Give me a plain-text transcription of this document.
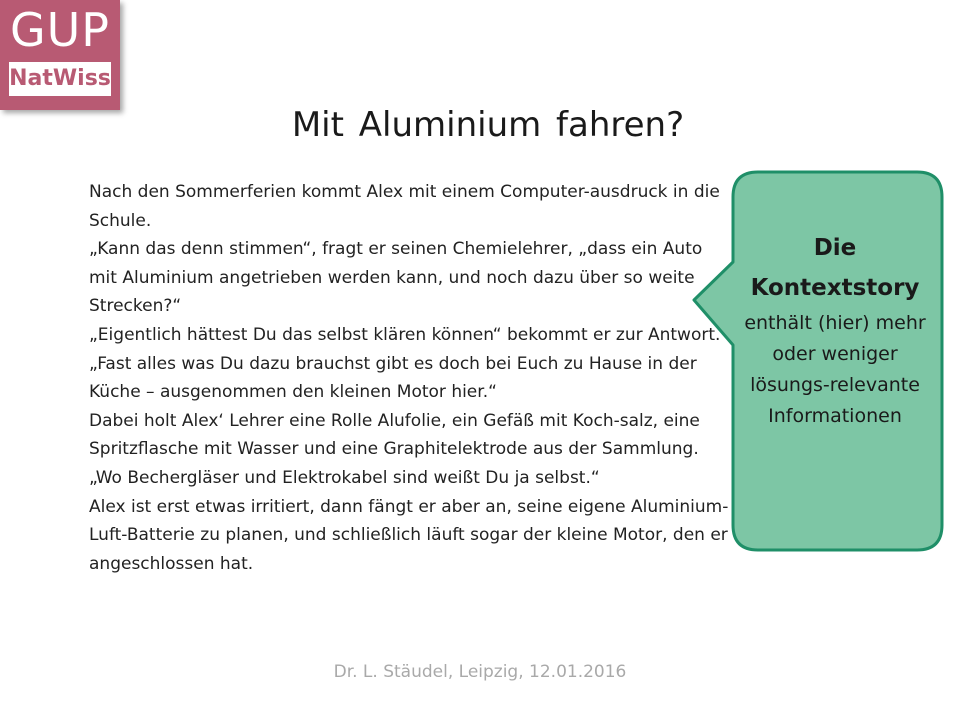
GUP
NatWiss
Mit Aluminium fahren?

Nach den Sommerferien kommt Alex mit einem Computer-ausdruck in die Schule.

„Kann das denn stimmen“, fragt er seinen Chemielehrer, „dass ein Auto mit Aluminium angetrieben werden kann, und noch dazu über so weite Strecken?“

„Eigentlich hättest Du das selbst klären können“ bekommt er zur Antwort. „Fast alles was Du dazu brauchst gibt es doch bei Euch zu Hause in der Küche – ausgenommen den kleinen Motor hier.“

Dabei holt Alex‘ Lehrer eine Rolle Alufolie, ein Gefäß mit Koch-salz, eine Spritzflasche mit Wasser und eine Graphitelektrode aus der Sammlung. „Wo Bechergläser und Elektrokabel sind weißt Du ja selbst.“

Alex ist erst etwas irritiert, dann fängt er aber an, seine eigene Aluminium-Luft-Batterie zu planen, und schließlich läuft sogar der kleine Motor, den er angeschlossen hat.

Die Kontextstory
enthält (hier) mehr oder weniger lösungs-relevante Informationen
Dr. L. Stäudel, Leipzig, 12.01.2016
